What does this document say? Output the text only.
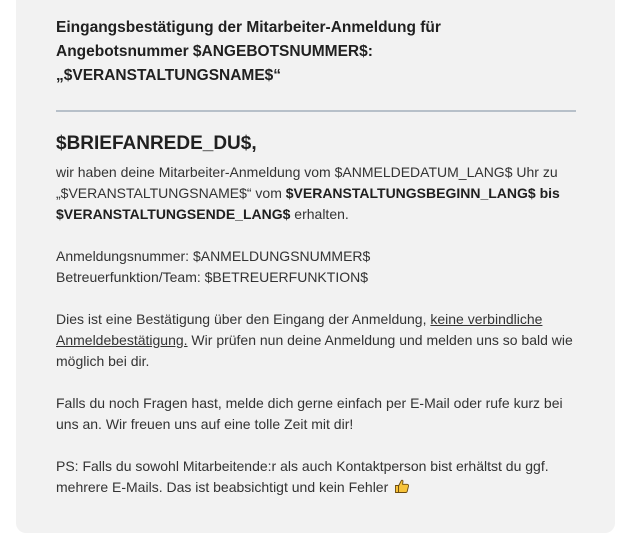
Eingangsbestätigung der Mitarbeiter-Anmeldung für
Angebotsnummer $ANGEBOTSNUMMER$:
„$VERANSTALTUNGSNAME$“
$BRIEFANREDE_DU$,

wir haben deine Mitarbeiter-Anmeldung vom $ANMELDEDATUM_LANG$ Uhr zu „$VERANSTALTUNGSNAME$“ vom $VERANSTALTUNGSBEGINN_LANG$ bis $VERANSTALTUNGSENDE_LANG$ erhalten.

Anmeldungsnummer: $ANMELDUNGSNUMMER$
Betreuerfunktion/Team: $BETREUERFUNKTION$

Dies ist eine Bestätigung über den Eingang der Anmeldung, keine verbindliche Anmeldebestätigung. Wir prüfen nun deine Anmeldung und melden uns so bald wie möglich bei dir.

Falls du noch Fragen hast, melde dich gerne einfach per E-Mail oder rufe kurz bei uns an. Wir freuen uns auf eine tolle Zeit mit dir!

PS: Falls du sowohl Mitarbeitende:r als auch Kontaktperson bist erhältst du ggf. mehrere E-Mails. Das ist beabsichtigt und kein Fehler
